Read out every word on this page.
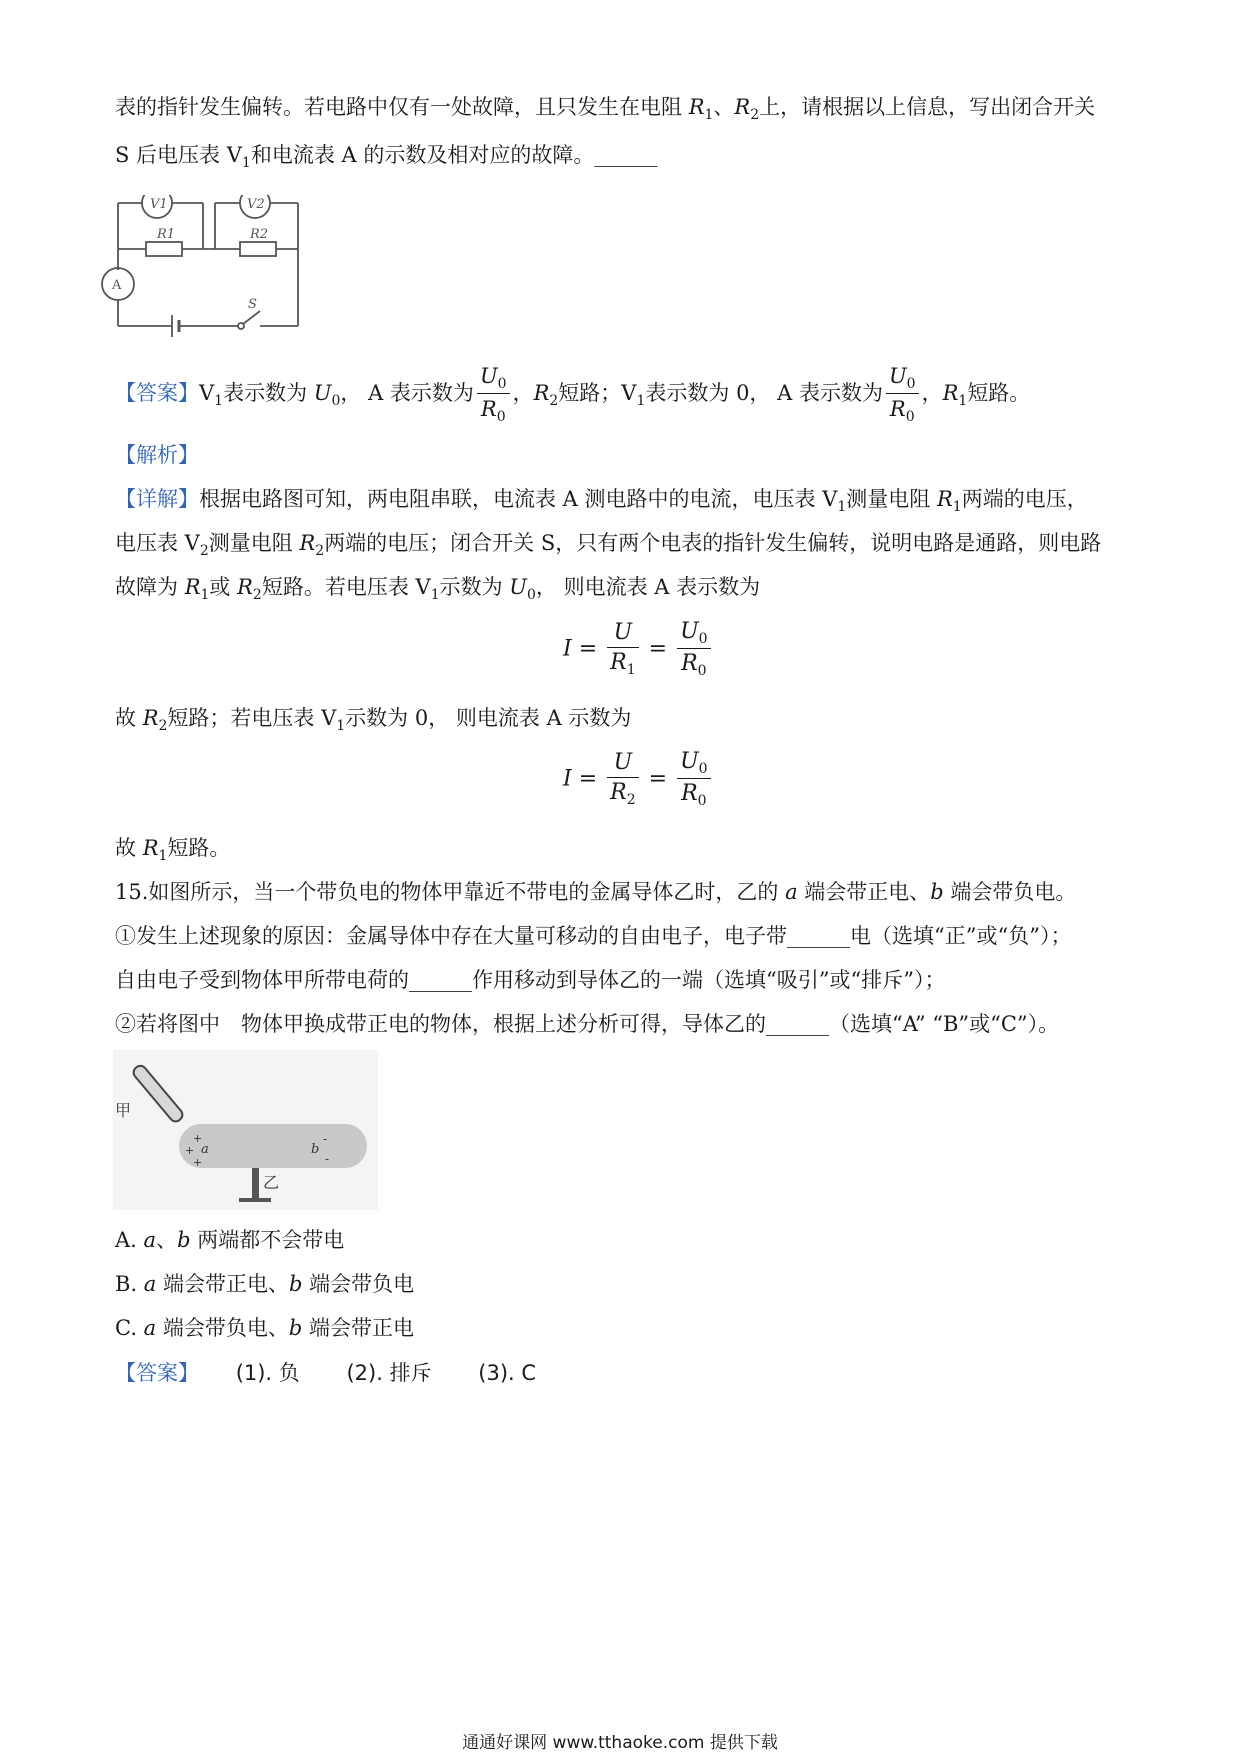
表的指针发生偏转。若电路中仅有一处故障，且只发生在电阻 $R_1$、$R_2$上，请根据以上信息，写出闭合开关
S 后电压表 $V_1$和电流表 A 的示数及相对应的故障。______
V1	V2
R1	R2
A
S
【答案】$V_1$表示数为 $U_0$， A 表示数为 $\frac{U_0}{R_0}$ ，$R_2$短路；$V_1$表示数为 0， A 表示数为 $\frac{U_0}{R_0}$ ，$R_1$短路。
【解析】
【详解】根据电路图可知，两电阻串联，电流表 A 测电路中的电流，电压表 $V_1$测量电阻 $R_1$两端的电压，
电压表 $V_2$测量电阻 $R_2$两端的电压；闭合开关 S，只有两个电表的指针发生偏转，说明电路是通路，则电路
故障为 $R_1$或 $R_2$短路。若电压表 $V_1$示数为 $U_0$， 则电流表 A 表示数为
$I = \frac{U}{R_1} = \frac{U_0}{R_0}$
故 $R_2$短路；若电压表 $V_1$示数为 0， 则电流表 A 示数为
$I = \frac{U}{R_2} = \frac{U_0}{R_0}$
故 $R_1$短路。
15.如图所示，当一个带负电的物体甲靠近不带电的金属导体乙时，乙的 a 端会带正电、b 端会带负电。
①发生上述现象的原因：金属导体中存在大量可移动的自由电子，电子带______电（选填“正”或“负”）；
自由电子受到物体甲所带电荷的______作用移动到导体乙的一端（选填“吸引”或“排斥”）；
②若将图中　物体甲换成带正电的物体，根据上述分析可得，导体乙的______（选填“A” “B”或“C”）。
甲
+
+
+
a	b
-
-
乙
A. a、b 两端都不会带电
B. a 端会带正电、b 端会带负电
C. a 端会带负电、b 端会带正电
【答案】 (1). 负 (2). 排斥 (3). C
通通好课网 www.tthaoke.com 提供下载
